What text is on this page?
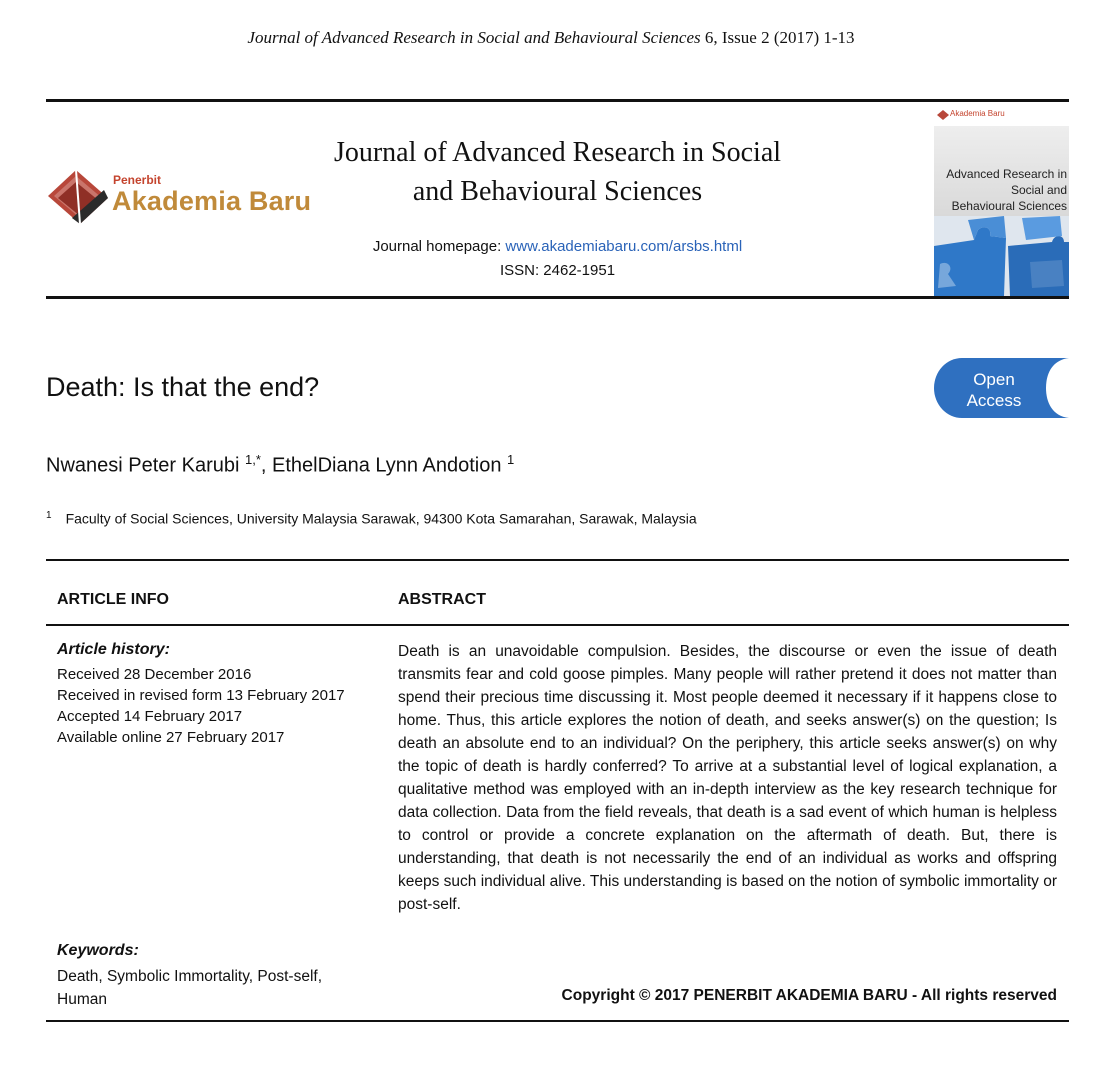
Journal of Advanced Research in Social and Behavioural Sciences 6, Issue 2 (2017) 1-13
Penerbit
Akademia Baru
Journal of Advanced Research in Social
and Behavioural Sciences
Journal homepage: www.akademiabaru.com/arsbs.html
ISSN: 2462-1951
Akademia Baru
Advanced Research in
Social and
Behavioural Sciences
Death: Is that the end?	Open
Access
Nwanesi Peter Karubi $^{1,*}$, EthelDiana Lynn Andotion $^1$
$^1$ Faculty of Social Sciences, University Malaysia Sarawak, 94300 Kota Samarahan, Sarawak, Malaysia
ARTICLE INFO	ABSTRACT
Article history:
Received 28 December 2016
Received in revised form 13 February 2017
Accepted 14 February 2017
Available online 27 February 2017

Death is an unavoidable compulsion. Besides, the discourse or even the issue of death transmits fear and cold goose pimples. Many people will rather pretend it does not matter than spend their precious time discussing it. Most people deemed it necessary if it happens close to home. Thus, this article explores the notion of death, and seeks answer(s) on the question; Is death an absolute end to an individual? On the periphery, this article seeks answer(s) on why the topic of death is hardly conferred? To arrive at a substantial level of logical explanation, a qualitative method was employed with an in-depth interview as the key research technique for data collection. Data from the field reveals, that death is a sad event of which human is helpless to control or provide a concrete explanation on the aftermath of death. But, there is understanding, that death is not necessarily the end of an individual as works and offspring keeps such individual alive. This understanding is based on the notion of symbolic immortality or post-self.

Keywords:
Death, Symbolic Immortality, Post-self,
Human	Copyright © 2017 PENERBIT AKADEMIA BARU - All rights reserved
